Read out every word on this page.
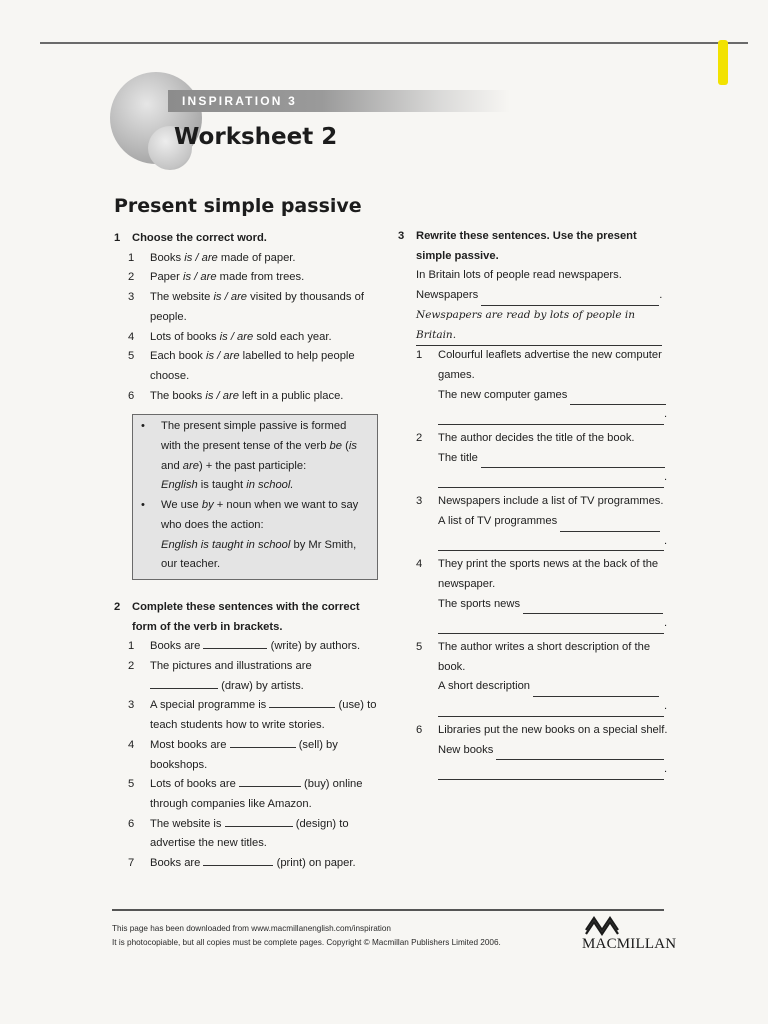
INSPIRATION 3
Worksheet 2
Present simple passive
1	Choose the correct word.
1	Books is / are made of paper.
2	Paper is / are made from trees.
3	The website is / are visited by thousands of people.
4	Lots of books is / are sold each year.
5	Each book is / are labelled to help people choose.
6	The books is / are left in a public place.
•	The present simple passive is formed with the present tense of the verb be (is and are) + the past participle:
English is taught in school.
•	We use by + noun when we want to say who does the action:
English is taught in school by Mr Smith, our teacher.
2	Complete these sentences with the correct form of the verb in brackets.
1	Books are	(write) by authors.
2	The pictures and illustrations are
(draw) by artists.
3	A special programme is	(use) to teach students how to write stories.
4	Most books are	(sell) by bookshops.
5	Lots of books are	(buy) online through companies like Amazon.
6	The website is	(design) to advertise the new titles.
7	Books are	(print) on paper.
3	Rewrite these sentences. Use the present simple passive.
In Britain lots of people read newspapers.
Newspapers
	.
Newspapers are read by lots of people in Britain.
1	Colourful leaflets advertise the new computer games.

The new computer games

.
2	The author decides the title of the book.

The title

.
3	Newspapers include a list of TV programmes.

A list of TV programmes

.
4	They print the sports news at the back of the newspaper.

The sports news

.
5	The author writes a short description of the book.

A short description

.
6	Libraries put the new books on a special shelf.

New books

.
This page has been downloaded from www.macmillanenglish.com/inspiration
It is photocopiable, but all copies must be complete pages. Copyright © Macmillan Publishers Limited 2006.	MACMILLAN
